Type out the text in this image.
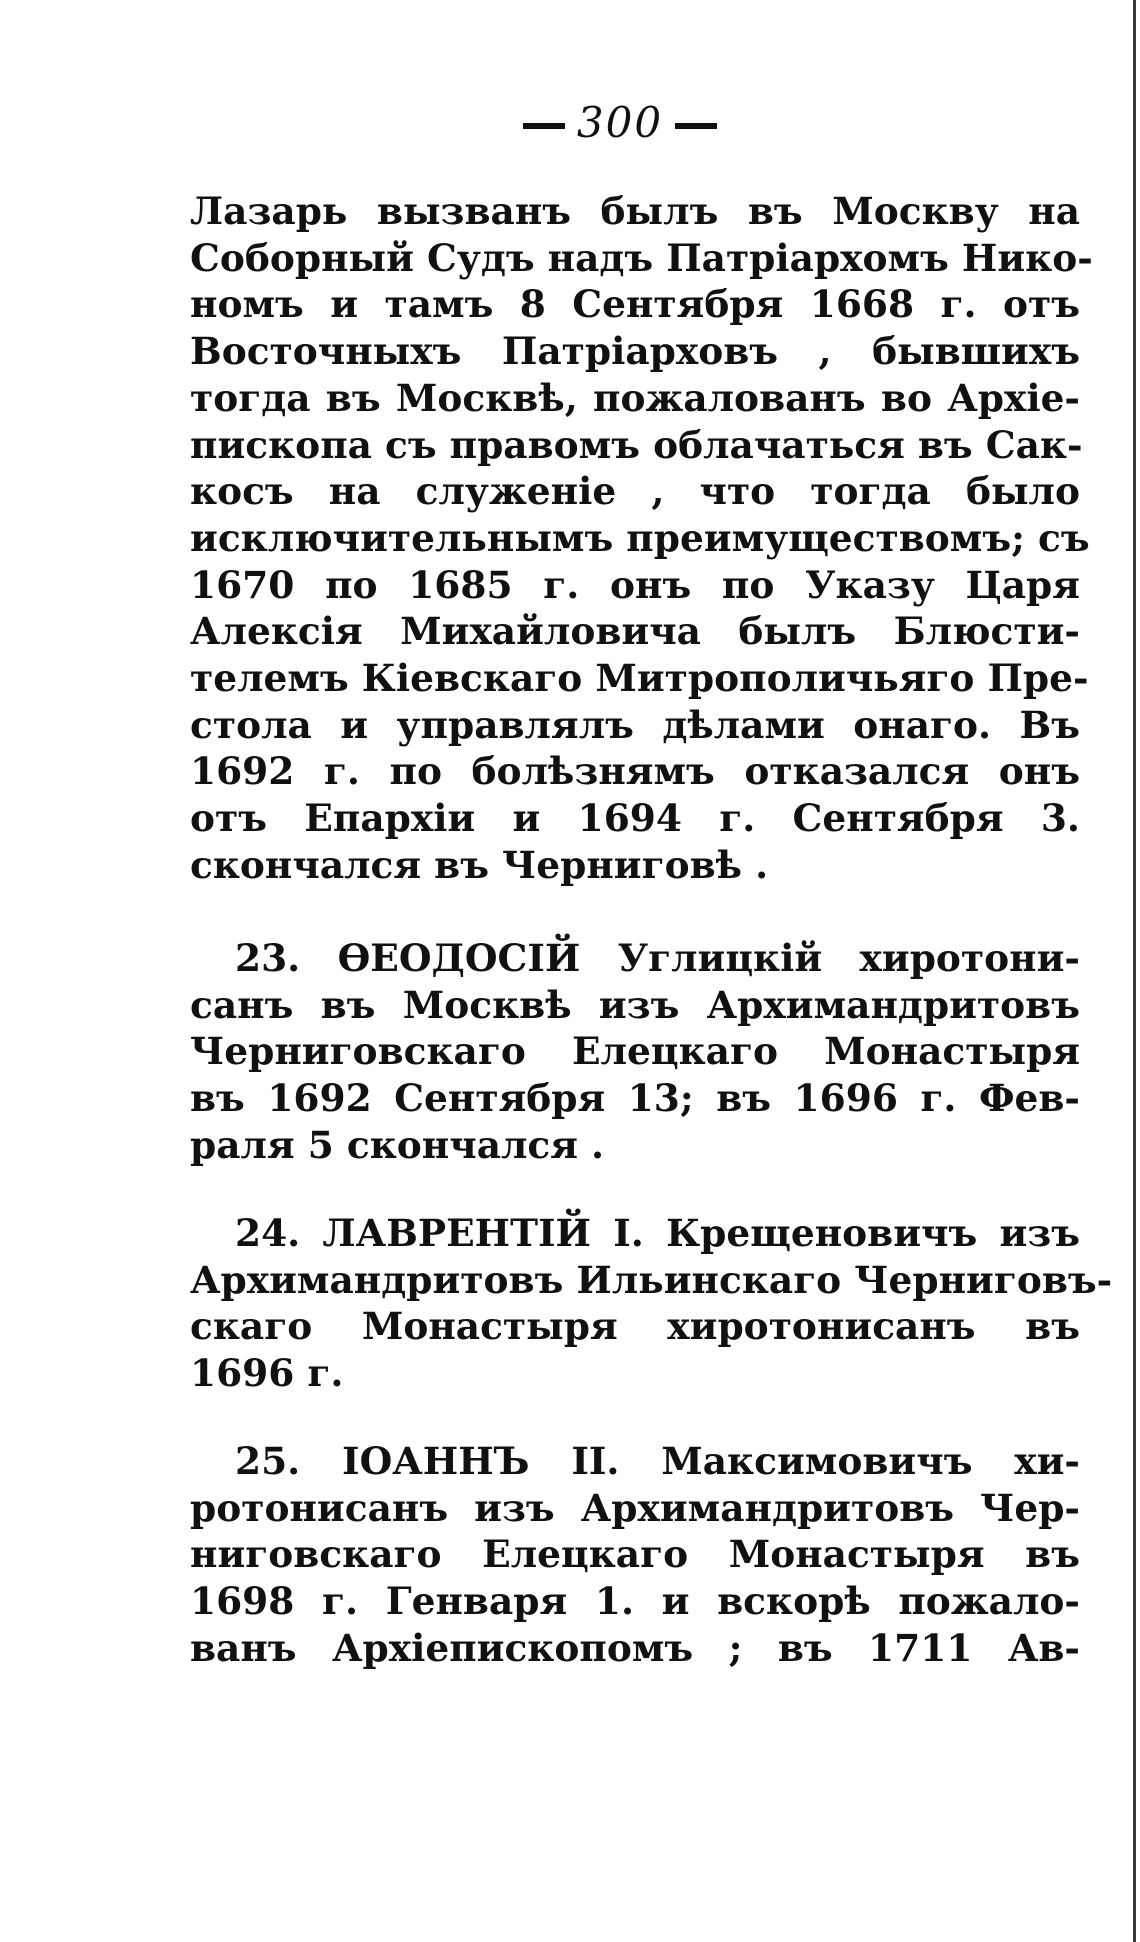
300
Лазарь вызванъ былъ въ Москву на
Соборный Судъ надъ Патріархомъ Нико-
номъ и тамъ 8 Сентября 1668 г. отъ
Восточныхъ Патріарховъ , бывшихъ
тогда въ Москвѣ, пожалованъ во Архіе-
пископа съ правомъ облачаться въ Сак-
косъ на служеніе , что тогда было
исключительнымъ преимуществомъ; съ
1670 по 1685 г. онъ по Указу Царя
Алексія Михайловича былъ Блюсти-
телемъ Кіевскаго Митрополичьяго Пре-
стола и управлялъ дѣлами онаго. Въ
1692 г. по болѣзнямъ отказался онъ
отъ Епархіи и 1694 г. Сентября 3.
скончался въ Черниговѣ .
23. ѲЕОДОСІЙ Углицкій хиротони-
санъ въ Москвѣ изъ Архимандритовъ
Черниговскаго Елецкаго Монастыря
въ 1692 Сентября 13; въ 1696 г. Фев-
раля 5 скончался .
24. ЛАВРЕНТІЙ I. Крещеновичъ изъ
Архимандритовъ Ильинскаго Черниговъ-
скаго Монастыря хиротонисанъ въ
1696 г.
25. IОАННЪ II. Максимовичъ хи-
ротонисанъ изъ Архимандритовъ Чер-
ниговскаго Елецкаго Монастыря въ
1698 г. Генваря 1. и вскорѣ пожало-
ванъ Архіепископомъ ; въ 1711 Ав-
